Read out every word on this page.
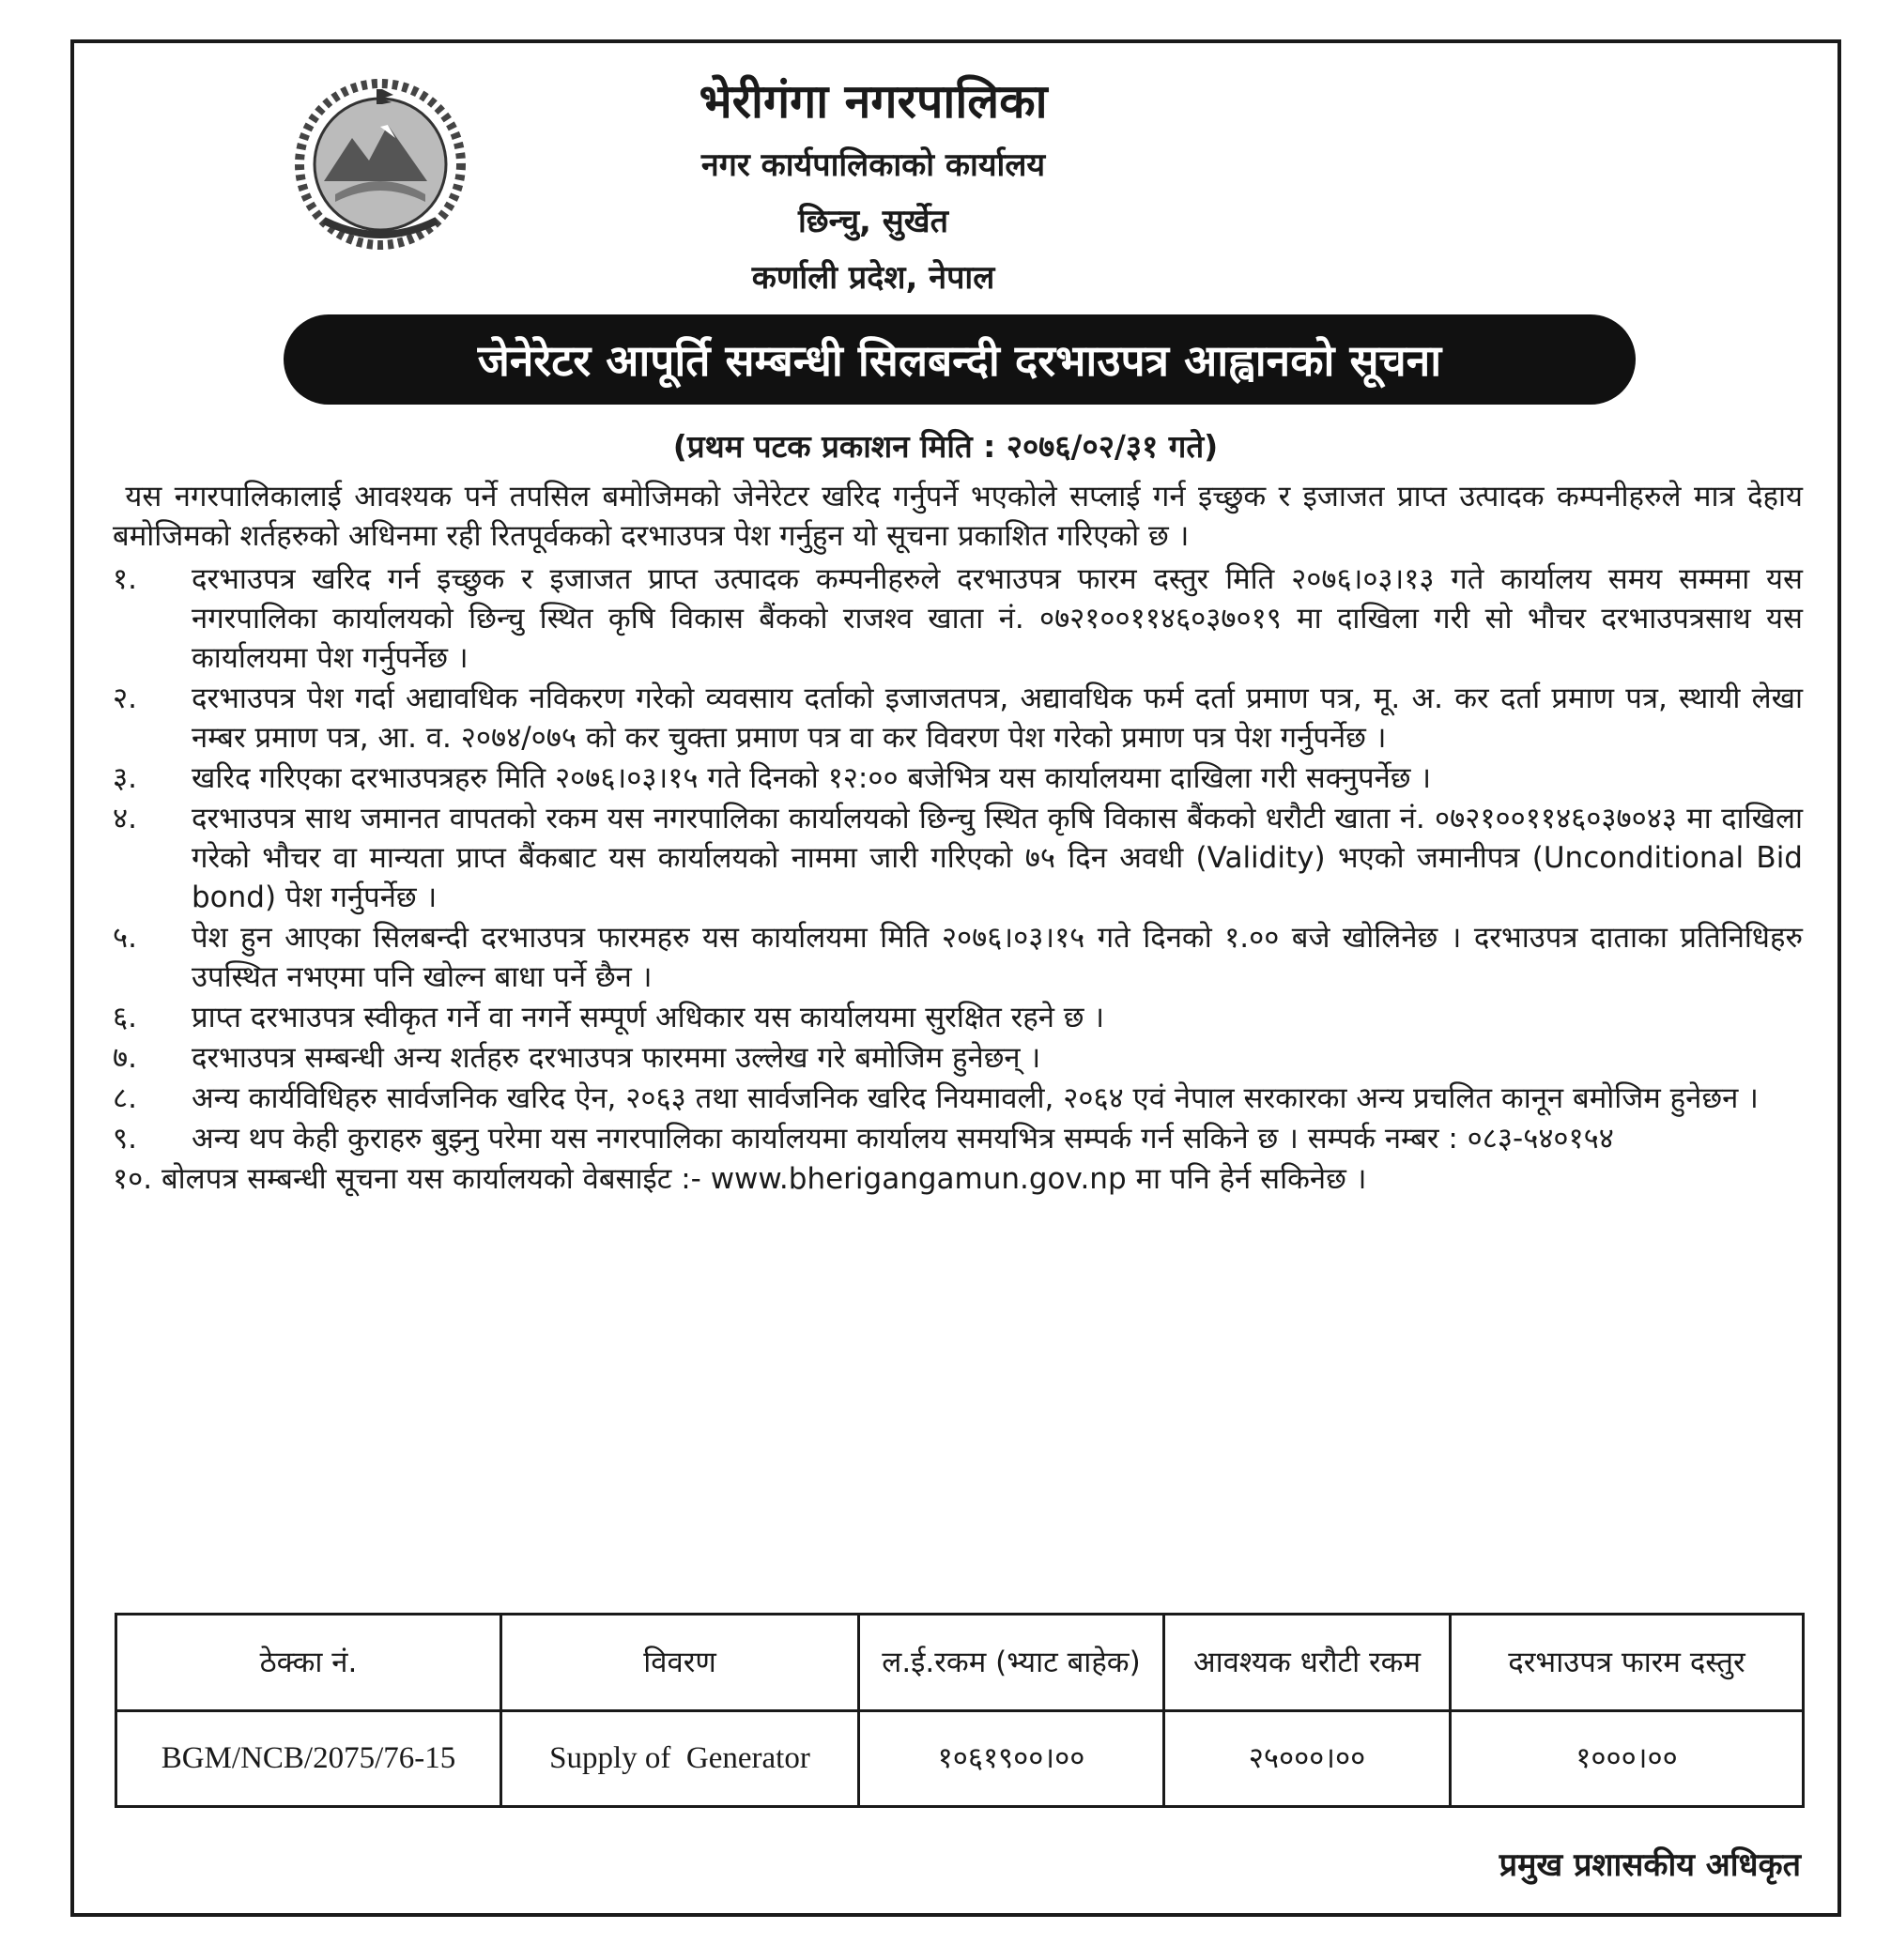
भेरीगंगा नगरपालिका
नगर कार्यपालिकाको कार्यालय
छिन्चु, सुर्खेत
कर्णाली प्रदेश, नेपाल
जेनेरेटर आपूर्ति सम्बन्धी सिलबन्दी दरभाउपत्र आह्वानको सूचना
(प्रथम पटक प्रकाशन मिति : २०७६/०२/३१ गते)
यस नगरपालिकालाई आवश्यक पर्ने तपसिल बमोजिमको जेनेरेटर खरिद गर्नुपर्ने भएकोले सप्लाई गर्न इच्छुक र इजाजत प्राप्त उत्पादक कम्पनीहरुले मात्र देहाय बमोजिमको शर्तहरुको अधिनमा रही रितपूर्वकको दरभाउपत्र पेश गर्नुहुन यो सूचना प्रकाशित गरिएको छ ।
१.	दरभाउपत्र खरिद गर्न इच्छुक र इजाजत प्राप्त उत्पादक कम्पनीहरुले दरभाउपत्र फारम दस्तुर मिति २०७६।०३।१३ गते कार्यालय समय सम्ममा यस नगरपालिका कार्यालयको छिन्चु स्थित कृषि विकास बैंकको राजश्व खाता नं. ०७२१००११४६०३७०१९ मा दाखिला गरी सो भौचर दरभाउपत्रसाथ यस कार्यालयमा पेश गर्नुपर्नेछ ।
२.	दरभाउपत्र पेश गर्दा अद्यावधिक नविकरण गरेको व्यवसाय दर्ताको इजाजतपत्र, अद्यावधिक फर्म दर्ता प्रमाण पत्र, मू. अ. कर दर्ता प्रमाण पत्र, स्थायी लेखा नम्बर प्रमाण पत्र, आ. व. २०७४/०७५ को कर चुक्ता प्रमाण पत्र वा कर विवरण पेश गरेको प्रमाण पत्र पेश गर्नुपर्नेछ ।
३.	खरिद गरिएका दरभाउपत्रहरु मिति २०७६।०३।१५ गते दिनको १२:०० बजेभित्र यस कार्यालयमा दाखिला गरी सक्नुपर्नेछ ।
४.	दरभाउपत्र साथ जमानत वापतको रकम यस नगरपालिका कार्यालयको छिन्चु स्थित कृषि विकास बैंकको धरौटी खाता नं. ०७२१००११४६०३७०४३ मा दाखिला गरेको भौचर वा मान्यता प्राप्त बैंकबाट यस कार्यालयको नाममा जारी गरिएको ७५ दिन अवधी (Validity) भएको जमानीपत्र (Unconditional Bid bond) पेश गर्नुपर्नेछ ।
५.	पेश हुन आएका सिलबन्दी दरभाउपत्र फारमहरु यस कार्यालयमा मिति २०७६।०३।१५ गते दिनको १.०० बजे खोलिनेछ । दरभाउपत्र दाताका प्रतिनिधिहरु उपस्थित नभएमा पनि खोल्न बाधा पर्ने छैन ।
६.	प्राप्त दरभाउपत्र स्वीकृत गर्ने वा नगर्ने सम्पूर्ण अधिकार यस कार्यालयमा सुरक्षित रहने छ ।
७.	दरभाउपत्र सम्बन्धी अन्य शर्तहरु दरभाउपत्र फारममा उल्लेख गरे बमोजिम हुनेछन् ।
८.	अन्य कार्यविधिहरु सार्वजनिक खरिद ऐन, २०६३ तथा सार्वजनिक खरिद नियमावली, २०६४ एवं नेपाल सरकारका अन्य प्रचलित कानून बमोजिम हुनेछन ।
९.	अन्य थप केही कुराहरु बुझ्नु परेमा यस नगरपालिका कार्यालयमा कार्यालय समयभित्र सम्पर्क गर्न सकिने छ । सम्पर्क नम्बर : ०८३-५४०१५४
१०. बोलपत्र सम्बन्धी सूचना यस कार्यालयको वेबसाईट :- www.bherigangamun.gov.np मा पनि हेर्न सकिनेछ ।
ठेक्का नं.	विवरण	ल.ई.रकम (भ्याट बाहेक)	आवश्यक धरौटी रकम	दरभाउपत्र फारम दस्तुर
BGM/NCB/2075/76-15	Supply of  Generator	१०६१९००।००	२५०००।००	१०००।००
प्रमुख प्रशासकीय अधिकृत
